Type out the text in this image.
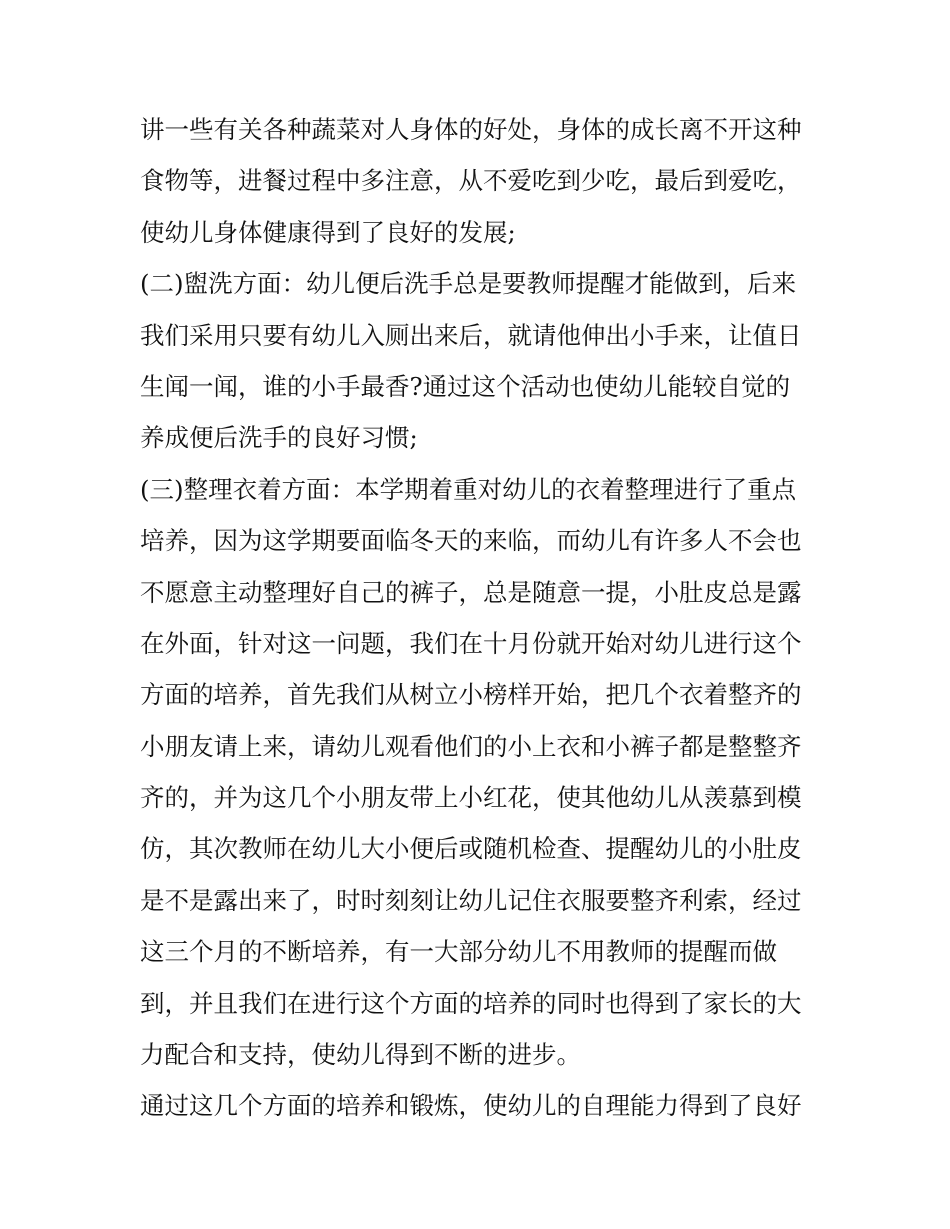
讲一些有关各种蔬菜对人身体的好处，身体的成长离不开这种
食物等，进餐过程中多注意，从不爱吃到少吃，最后到爱吃，
使幼儿身体健康得到了良好的发展;
(二)盥洗方面：幼儿便后洗手总是要教师提醒才能做到，后来
我们采用只要有幼儿入厕出来后，就请他伸出小手来，让值日
生闻一闻，谁的小手最香?通过这个活动也使幼儿能较自觉的
养成便后洗手的良好习惯;
(三)整理衣着方面：本学期着重对幼儿的衣着整理进行了重点
培养，因为这学期要面临冬天的来临，而幼儿有许多人不会也
不愿意主动整理好自己的裤子，总是随意一提，小肚皮总是露
在外面，针对这一问题，我们在十月份就开始对幼儿进行这个
方面的培养，首先我们从树立小榜样开始，把几个衣着整齐的
小朋友请上来，请幼儿观看他们的小上衣和小裤子都是整整齐
齐的，并为这几个小朋友带上小红花，使其他幼儿从羡慕到模
仿，其次教师在幼儿大小便后或随机检查、提醒幼儿的小肚皮
是不是露出来了，时时刻刻让幼儿记住衣服要整齐利索，经过
这三个月的不断培养，有一大部分幼儿不用教师的提醒而做
到，并且我们在进行这个方面的培养的同时也得到了家长的大
力配合和支持，使幼儿得到不断的进步。
通过这几个方面的培养和锻炼，使幼儿的自理能力得到了良好
